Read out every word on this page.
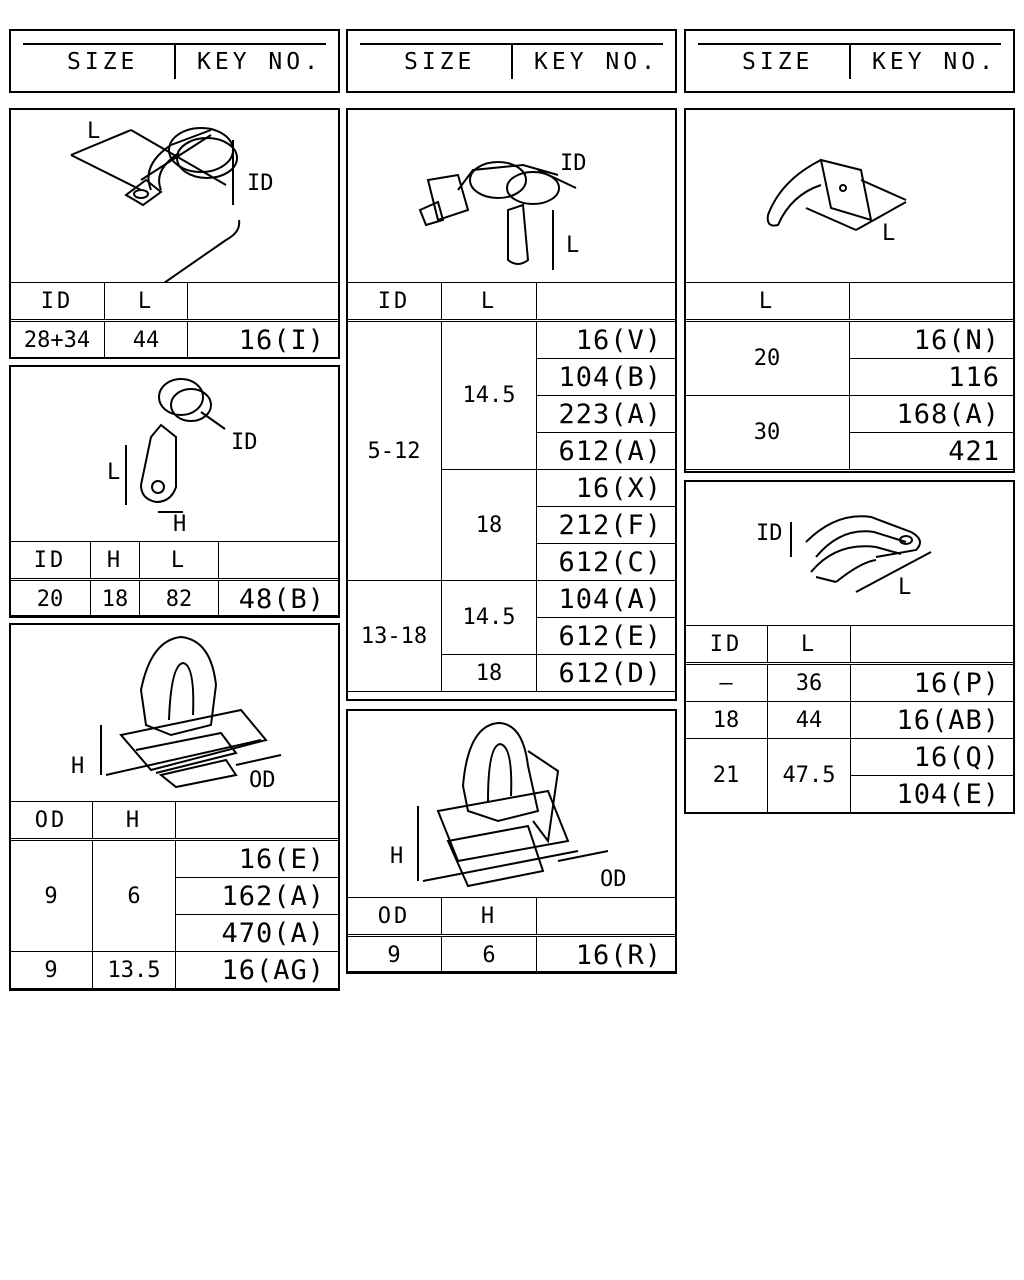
SIZE	KEY NO.	SIZE	KEY NO.	SIZE	KEY NO.
L
ID
ID	L	
28+34	44	16(I)
L
ID
H
ID	H	L	
20	18	82	48(B)
H
OD
OD	H	
9	6	16(E)
		162(A)
		470(A)
9	13.5	16(AG)
ID
L
ID	L	
5-12	14.5	16(V)
		104(B)
		223(A)
		612(A)
	18	16(X)
		212(F)
		612(C)
13-18	14.5	104(A)
		612(E)
	18	612(D)
H
OD
OD	H	
9	6	16(R)
L
L	
20	16(N)
	116
30	168(A)
	421
ID
L
ID	L	
—	36	16(P)
18	44	16(AB)
21	47.5	16(Q)
		104(E)
